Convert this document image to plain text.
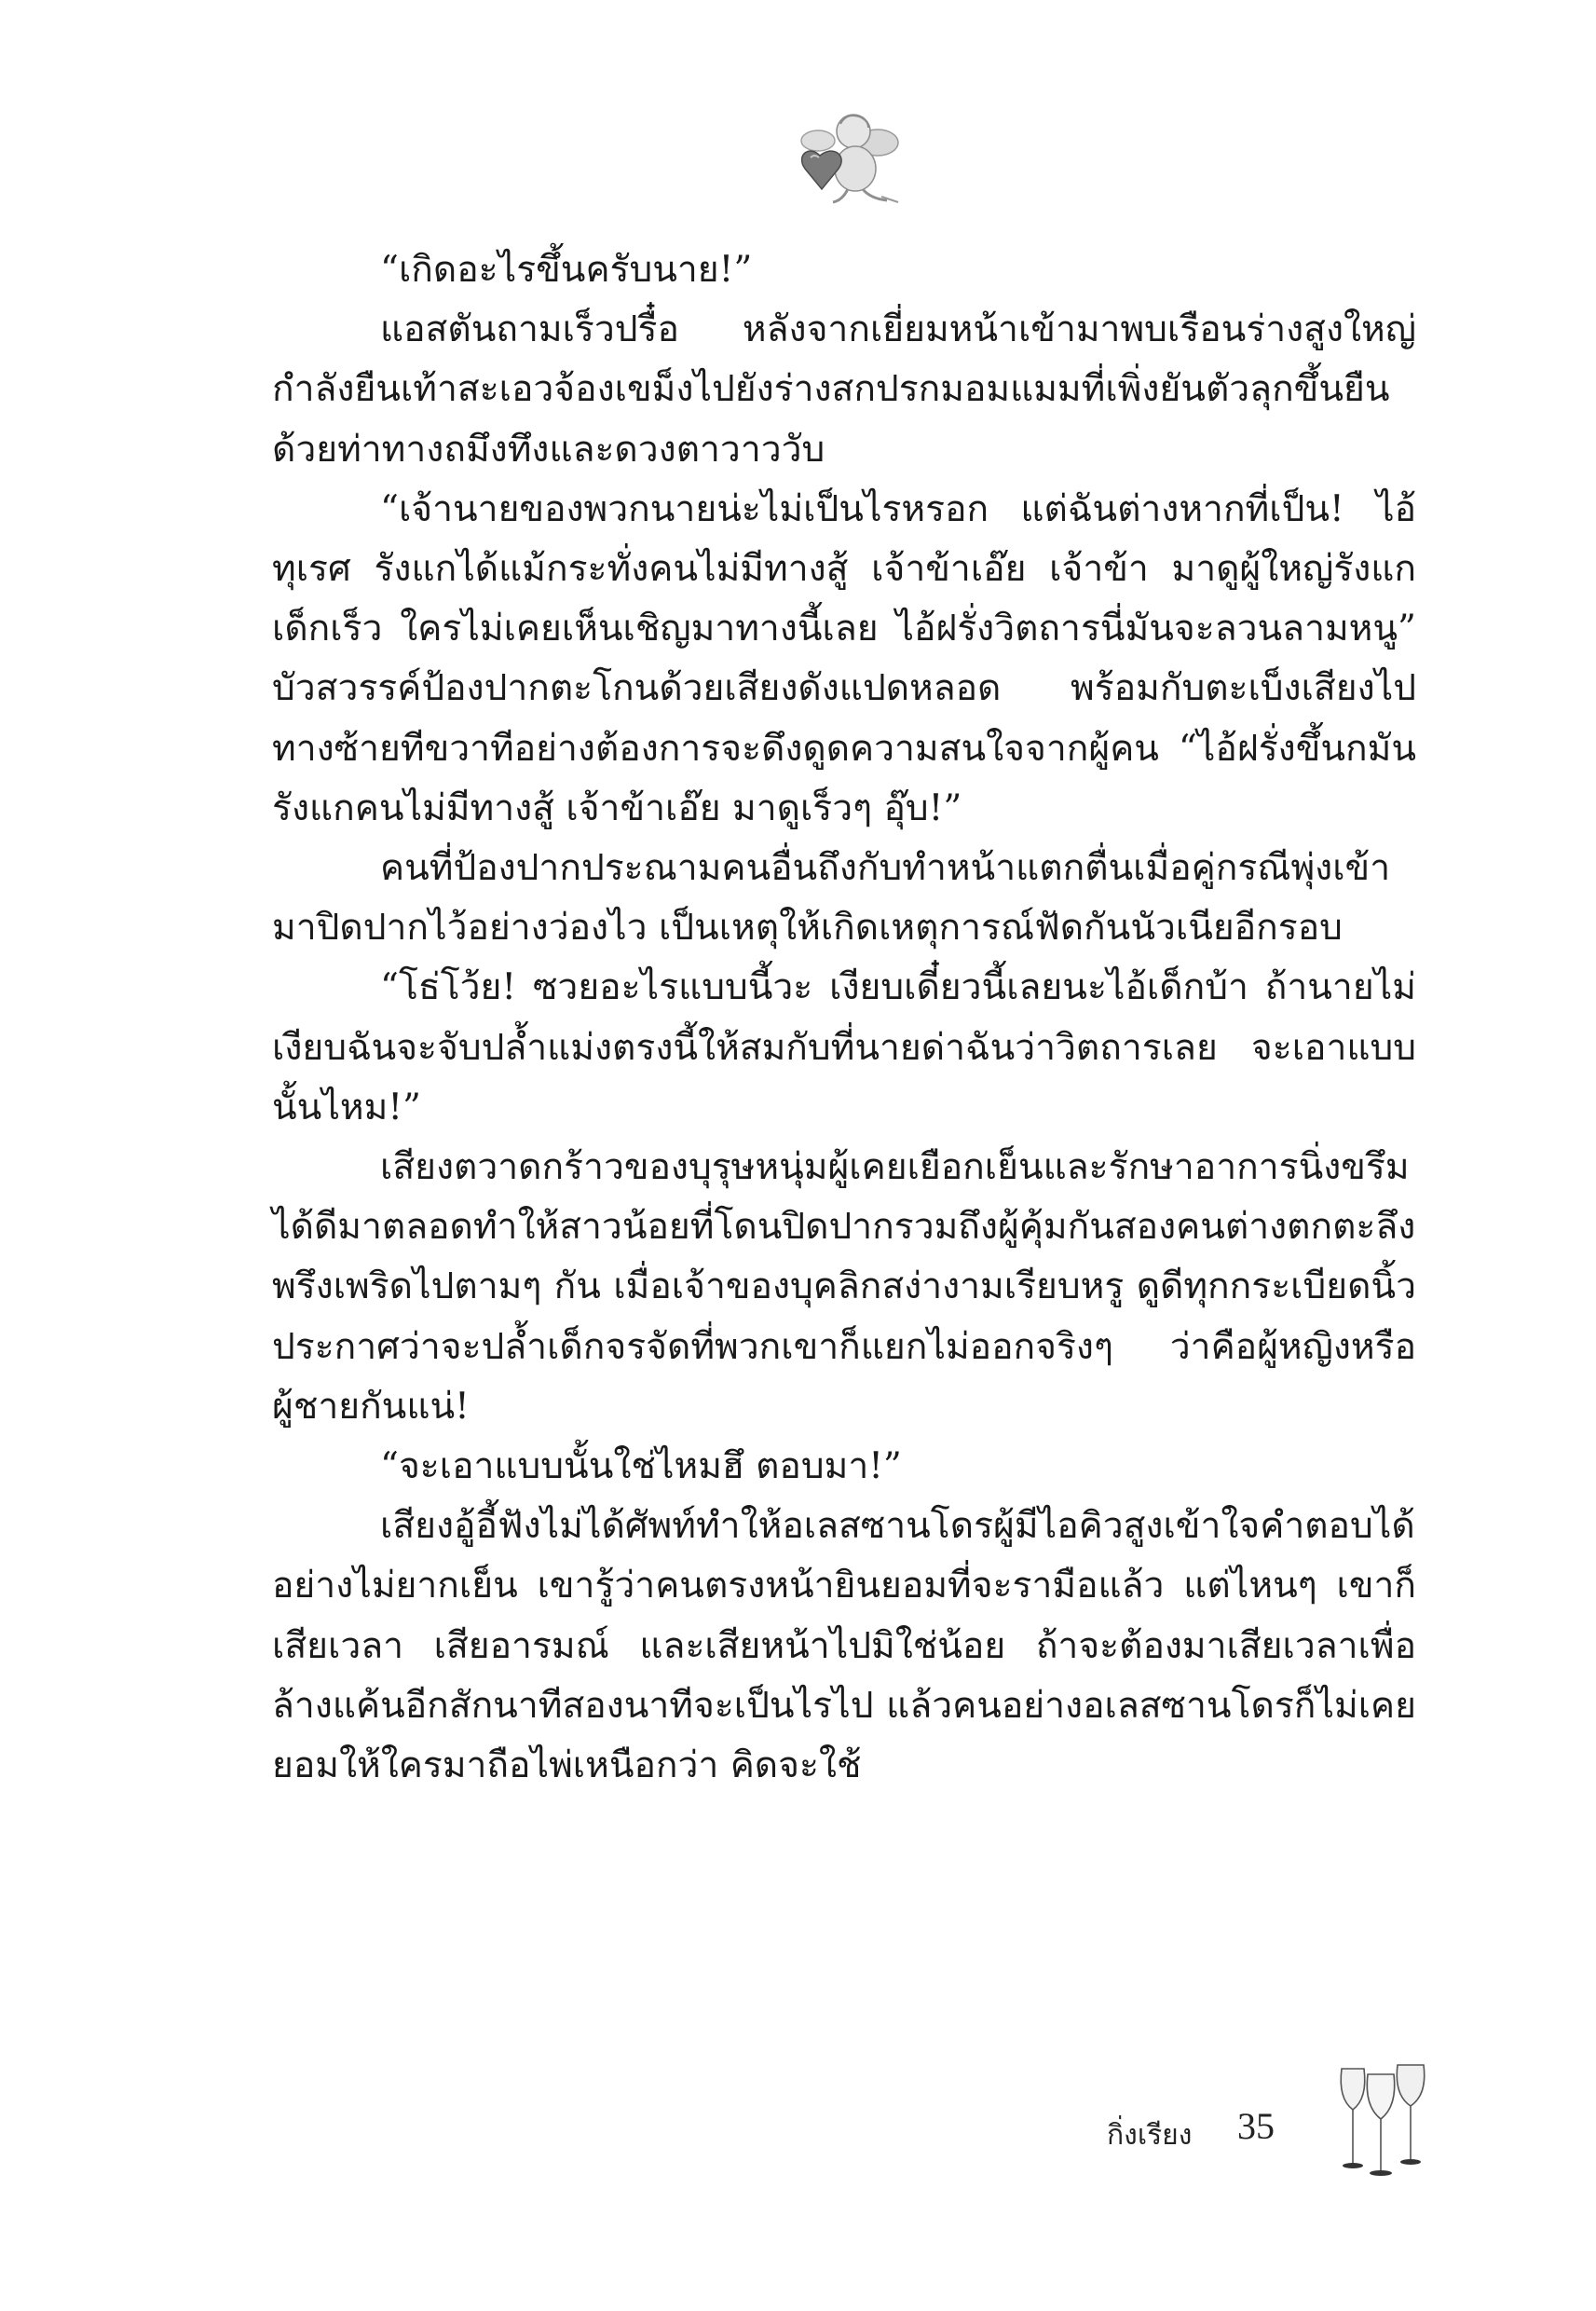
“เกิดอะไรขึ้นครับนาย!”

แอสตันถามเร็วปรื๋อ หลังจากเยี่ยมหน้าเข้ามาพบเรือนร่างสูงใหญ่กำลังยืนเท้าสะเอวจ้องเขม็งไปยังร่างสกปรกมอมแมมที่เพิ่งยันตัวลุกขึ้นยืนด้วยท่าทางถมึงทึงและดวงตาวาววับ

“เจ้านายของพวกนายน่ะไม่เป็นไรหรอก แต่ฉันต่างหากที่เป็น! ไอ้ทุเรศ รังแกได้แม้กระทั่งคนไม่มีทางสู้ เจ้าข้าเอ๊ย เจ้าข้า มาดูผู้ใหญ่รังแกเด็กเร็ว ใครไม่เคยเห็นเชิญมาทางนี้เลย ไอ้ฝรั่งวิตถารนี่มันจะลวนลามหนู” บัวสวรรค์ป้องปากตะโกนด้วยเสียงดังแปดหลอด พร้อมกับตะเบ็งเสียงไปทางซ้ายทีขวาทีอย่างต้องการจะดึงดูดความสนใจจากผู้คน “ไอ้ฝรั่งขึ้นกมันรังแกคนไม่มีทางสู้ เจ้าข้าเอ๊ย มาดูเร็วๆ อุ๊บ!”

คนที่ป้องปากประณามคนอื่นถึงกับทำหน้าแตกตื่นเมื่อคู่กรณีพุ่งเข้ามาปิดปากไว้อย่างว่องไว เป็นเหตุให้เกิดเหตุการณ์ฟัดกันนัวเนียอีกรอบ

“โธ่โว้ย! ซวยอะไรแบบนี้วะ เงียบเดี๋ยวนี้เลยนะไอ้เด็กบ้า ถ้านายไม่เงียบฉันจะจับปล้ำแม่งตรงนี้ให้สมกับที่นายด่าฉันว่าวิตถารเลย จะเอาแบบนั้นไหม!”

เสียงตวาดกร้าวของบุรุษหนุ่มผู้เคยเยือกเย็นและรักษาอาการนิ่งขรึมได้ดีมาตลอดทำให้สาวน้อยที่โดนปิดปากรวมถึงผู้คุ้มกันสองคนต่างตกตะลึงพรึงเพริดไปตามๆ กัน เมื่อเจ้าของบุคลิกสง่างามเรียบหรู ดูดีทุกกระเบียดนิ้วประกาศว่าจะปล้ำเด็กจรจัดที่พวกเขาก็แยกไม่ออกจริงๆ ว่าคือผู้หญิงหรือผู้ชายกันแน่!

“จะเอาแบบนั้นใช่ไหมฮึ ตอบมา!”

เสียงอู้อี้ฟังไม่ได้ศัพท์ทำให้อเลสซานโดรผู้มีไอคิวสูงเข้าใจคำตอบได้อย่างไม่ยากเย็น เขารู้ว่าคนตรงหน้ายินยอมที่จะรามือแล้ว แต่ไหนๆ เขาก็เสียเวลา เสียอารมณ์ และเสียหน้าไปมิใช่น้อย ถ้าจะต้องมาเสียเวลาเพื่อล้างแค้นอีกสักนาทีสองนาทีจะเป็นไรไป แล้วคนอย่างอเลสซานโดรก็ไม่เคยยอมให้ใครมาถือไพ่เหนือกว่า คิดจะใช้

กิ่งเรียง 35
